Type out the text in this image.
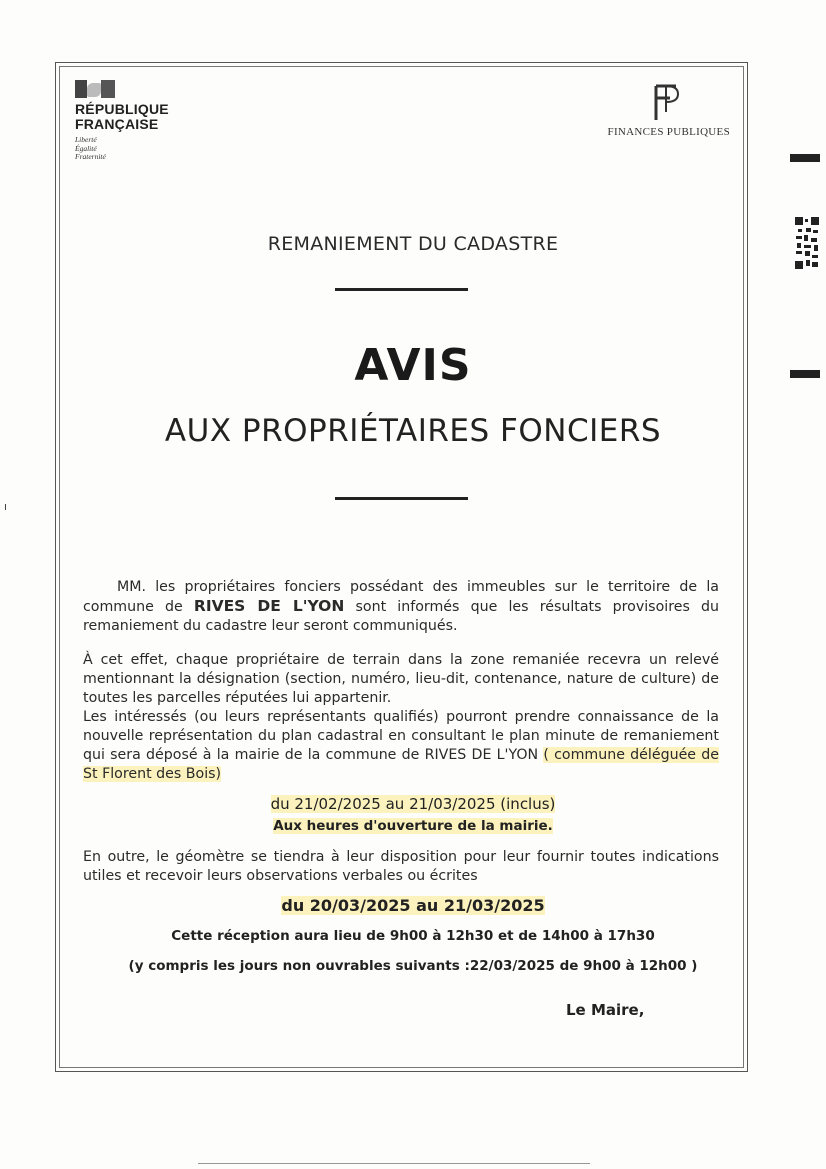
RÉPUBLIQUE
FRANÇAISE
Liberté
Égalité
Fraternité
FINANCES PUBLIQUES
REMANIEMENT DU CADASTRE
AVIS
AUX PROPRIÉTAIRES FONCIERS
MM. les propriétaires fonciers possédant des immeubles sur le territoire de la commune de RIVES DE L'YON sont informés que les résultats provisoires du remaniement du cadastre leur seront communiqués.
À cet effet, chaque propriétaire de terrain dans la zone remaniée recevra un relevé mentionnant la désignation (section, numéro, lieu-dit, contenance, nature de culture) de toutes les parcelles réputées lui appartenir.
Les intéressés (ou leurs représentants qualifiés) pourront prendre connaissance de la nouvelle représentation du plan cadastral en consultant le plan minute de remaniement qui sera déposé à la mairie de la commune de RIVES DE L'YON ( commune déléguée de St Florent des Bois)
du 21/02/2025 au 21/03/2025 (inclus)
Aux heures d'ouverture de la mairie.
En outre, le géomètre se tiendra à leur disposition pour leur fournir toutes indications utiles et recevoir leurs observations verbales ou écrites
du 20/03/2025 au 21/03/2025
Cette réception aura lieu de 9h00 à 12h30 et de 14h00 à 17h30
(y compris les jours non ouvrables suivants :22/03/2025 de 9h00 à 12h00 )
Le Maire,
